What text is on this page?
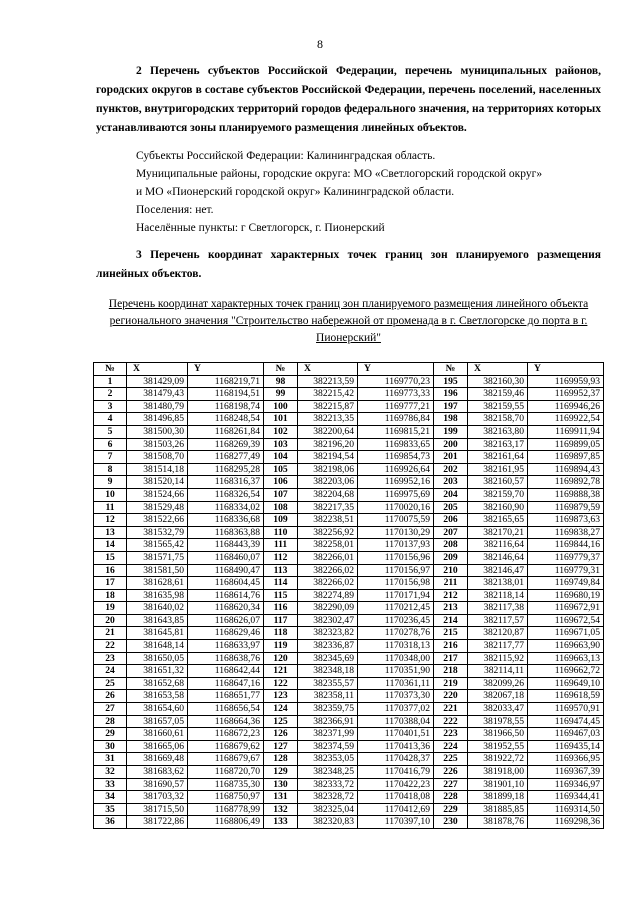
8
2 Перечень субъектов Российской Федерации, перечень муниципальных районов, городских округов в составе субъектов Российской Федерации, перечень поселений, населенных пунктов, внутригородских территорий городов федерального значения, на территориях которых устанавливаются зоны планируемого размещения линейных объектов.
Субъекты Российской Федерации: Калининградская область.
Муниципальные районы, городские округа: МО «Светлогорский городской округ»
и МО «Пионерский городской округ» Калининградской области.
Поселения: нет.
Населённые пункты: г Светлогорск, г. Пионерский
3 Перечень координат характерных точек границ зон планируемого размещения линейных объектов.
Перечень координат характерных точек границ зон планируемого размещения линейного объекта регионального значения "Строительство набережной от променада в г. Светлогорске до порта в г. Пионерский"
№	X	Y	№	X	Y	№	X	Y
1	381429,09	1168219,71	98	382213,59	1169770,23	195	382160,30	1169959,93
2	381479,43	1168194,51	99	382215,42	1169773,33	196	382159,46	1169952,37
3	381480,79	1168198,74	100	382215,87	1169777,21	197	382159,55	1169946,26
4	381496,85	1168248,54	101	382213,35	1169786,84	198	382158,70	1169922,54
5	381500,30	1168261,84	102	382200,64	1169815,21	199	382163,80	1169911,94
6	381503,26	1168269,39	103	382196,20	1169833,65	200	382163,17	1169899,05
7	381508,70	1168277,49	104	382194,54	1169854,73	201	382161,64	1169897,85
8	381514,18	1168295,28	105	382198,06	1169926,64	202	382161,95	1169894,43
9	381520,14	1168316,37	106	382203,06	1169952,16	203	382160,57	1169892,78
10	381524,66	1168326,54	107	382204,68	1169975,69	204	382159,70	1169888,38
11	381529,48	1168334,02	108	382217,35	1170020,16	205	382160,90	1169879,59
12	381522,66	1168336,68	109	382238,51	1170075,59	206	382165,65	1169873,63
13	381532,79	1168363,88	110	382256,92	1170130,29	207	382170,21	1169838,27
14	381565,42	1168443,39	111	382258,01	1170137,93	208	382116,64	1169844,16
15	381571,75	1168460,07	112	382266,01	1170156,96	209	382146,64	1169779,37
16	381581,50	1168490,47	113	382266,02	1170156,97	210	382146,47	1169779,31
17	381628,61	1168604,45	114	382266,02	1170156,98	211	382138,01	1169749,84
18	381635,98	1168614,76	115	382274,89	1170171,94	212	382118,14	1169680,19
19	381640,02	1168620,34	116	382290,09	1170212,45	213	382117,38	1169672,91
20	381643,85	1168626,07	117	382302,47	1170236,45	214	382117,57	1169672,54
21	381645,81	1168629,46	118	382323,82	1170278,76	215	382120,87	1169671,05
22	381648,14	1168633,97	119	382336,87	1170318,13	216	382117,77	1169663,90
23	381650,05	1168638,76	120	382345,69	1170348,00	217	382115,92	1169663,13
24	381651,32	1168642,44	121	382348,18	1170351,90	218	382114,11	1169662,72
25	381652,68	1168647,16	122	382355,57	1170361,11	219	382099,26	1169649,10
26	381653,58	1168651,77	123	382358,11	1170373,30	220	382067,18	1169618,59
27	381654,60	1168656,54	124	382359,75	1170377,02	221	382033,47	1169570,91
28	381657,05	1168664,36	125	382366,91	1170388,04	222	381978,55	1169474,45
29	381660,61	1168672,23	126	382371,99	1170401,51	223	381966,50	1169467,03
30	381665,06	1168679,62	127	382374,59	1170413,36	224	381952,55	1169435,14
31	381669,48	1168679,67	128	382353,05	1170428,37	225	381922,72	1169366,95
32	381683,62	1168720,70	129	382348,25	1170416,79	226	381918,00	1169367,39
33	381690,57	1168735,30	130	382333,72	1170422,23	227	381901,10	1169346,97
34	381703,32	1168750,97	131	382328,72	1170418,08	228	381899,18	1169344,41
35	381715,50	1168778,99	132	382325,04	1170412,69	229	381885,85	1169314,50
36	381722,86	1168806,49	133	382320,83	1170397,10	230	381878,76	1169298,36
